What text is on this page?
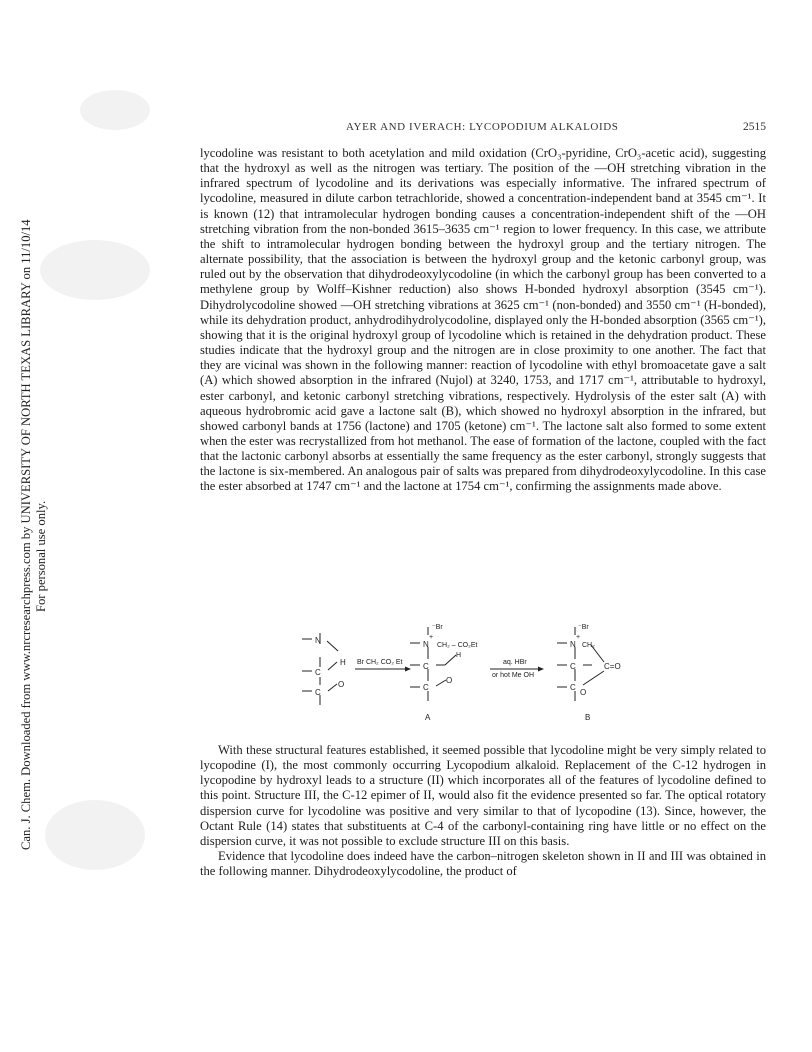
Can. J. Chem. Downloaded from www.nrcresearchpress.com by UNIVERSITY OF NORTH TEXAS LIBRARY on 11/10/14 For personal use only.
AYER AND IVERACH: LYCOPODIUM ALKALOIDS	2515

lycodoline was resistant to both acetylation and mild oxidation (CrO₃-pyridine, CrO₃-acetic acid), suggesting that the hydroxyl as well as the nitrogen was tertiary. The position of the —OH stretching vibration in the infrared spectrum of lycodoline and its derivations was especially informative. The infrared spectrum of lycodoline, measured in dilute carbon tetrachloride, showed a concentration-independent band at 3545 cm⁻¹. It is known (12) that intramolecular hydrogen bonding causes a concentration-independent shift of the —OH stretching vibration from the non-bonded 3615–3635 cm⁻¹ region to lower frequency. In this case, we attribute the shift to intramolecular hydrogen bonding between the hydroxyl group and the tertiary nitrogen. The alternate possibility, that the association is between the hydroxyl group and the ketonic carbonyl group, was ruled out by the observation that dihydrodeoxylycodoline (in which the carbonyl group has been converted to a methylene group by Wolff–Kishner reduction) also shows H-bonded hydroxyl absorption (3545 cm⁻¹). Dihydrolycodoline showed —OH stretching vibrations at 3625 cm⁻¹ (non-bonded) and 3550 cm⁻¹ (H-bonded), while its dehydration product, anhydrodihydrolycodoline, displayed only the H-bonded absorption (3565 cm⁻¹), showing that it is the original hydroxyl group of lycodoline which is retained in the dehydration product. These studies indicate that the hydroxyl group and the nitrogen are in close proximity to one another. The fact that they are vicinal was shown in the following manner: reaction of lycodoline with ethyl bromoacetate gave a salt (A) which showed absorption in the infrared (Nujol) at 3240, 1753, and 1717 cm⁻¹, attributable to hydroxyl, ester carbonyl, and ketonic carbonyl stretching vibrations, respectively. Hydrolysis of the ester salt (A) with aqueous hydrobromic acid gave a lactone salt (B), which showed no hydroxyl absorption in the infrared, but showed carbonyl bands at 1756 (lactone) and 1705 (ketone) cm⁻¹. The lactone salt also formed to some extent when the ester was recrystallized from hot methanol. The ease of formation of the lactone, coupled with the fact that the lactonic carbonyl absorbs at essentially the same frequency as the ester carbonyl, strongly suggests that the lactone is six-membered. An analogous pair of salts was prepared from dihydrodeoxylycodoline. In this case the ester absorbed at 1747 cm⁻¹ and the lactone at 1754 cm⁻¹, confirming the assignments made above.

N
C
C
O
H Br CH₂ CO₂ Et
⁻Br
+
N CH₂ – CO₂Et
C
C
O
H
A
aq. HBr
or hot Me OH
⁻Br
+
N CH₂
C
C
O
C=O
B

With these structural features established, it seemed possible that lycodoline might be very simply related to lycopodine (I), the most commonly occurring Lycopodium alkaloid. Replacement of the C-12 hydrogen in lycopodine by hydroxyl leads to a structure (II) which incorporates all of the features of lycodoline defined to this point. Structure III, the C-12 epimer of II, would also fit the evidence presented so far. The optical rotatory dispersion curve for lycodoline was positive and very similar to that of lycopodine (13). Since, however, the Octant Rule (14) states that substituents at C-4 of the carbonyl-containing ring have little or no effect on the dispersion curve, it was not possible to exclude structure III on this basis.

Evidence that lycodoline does indeed have the carbon–nitrogen skeleton shown in II and III was obtained in the following manner. Dihydrodeoxylycodoline, the product of
